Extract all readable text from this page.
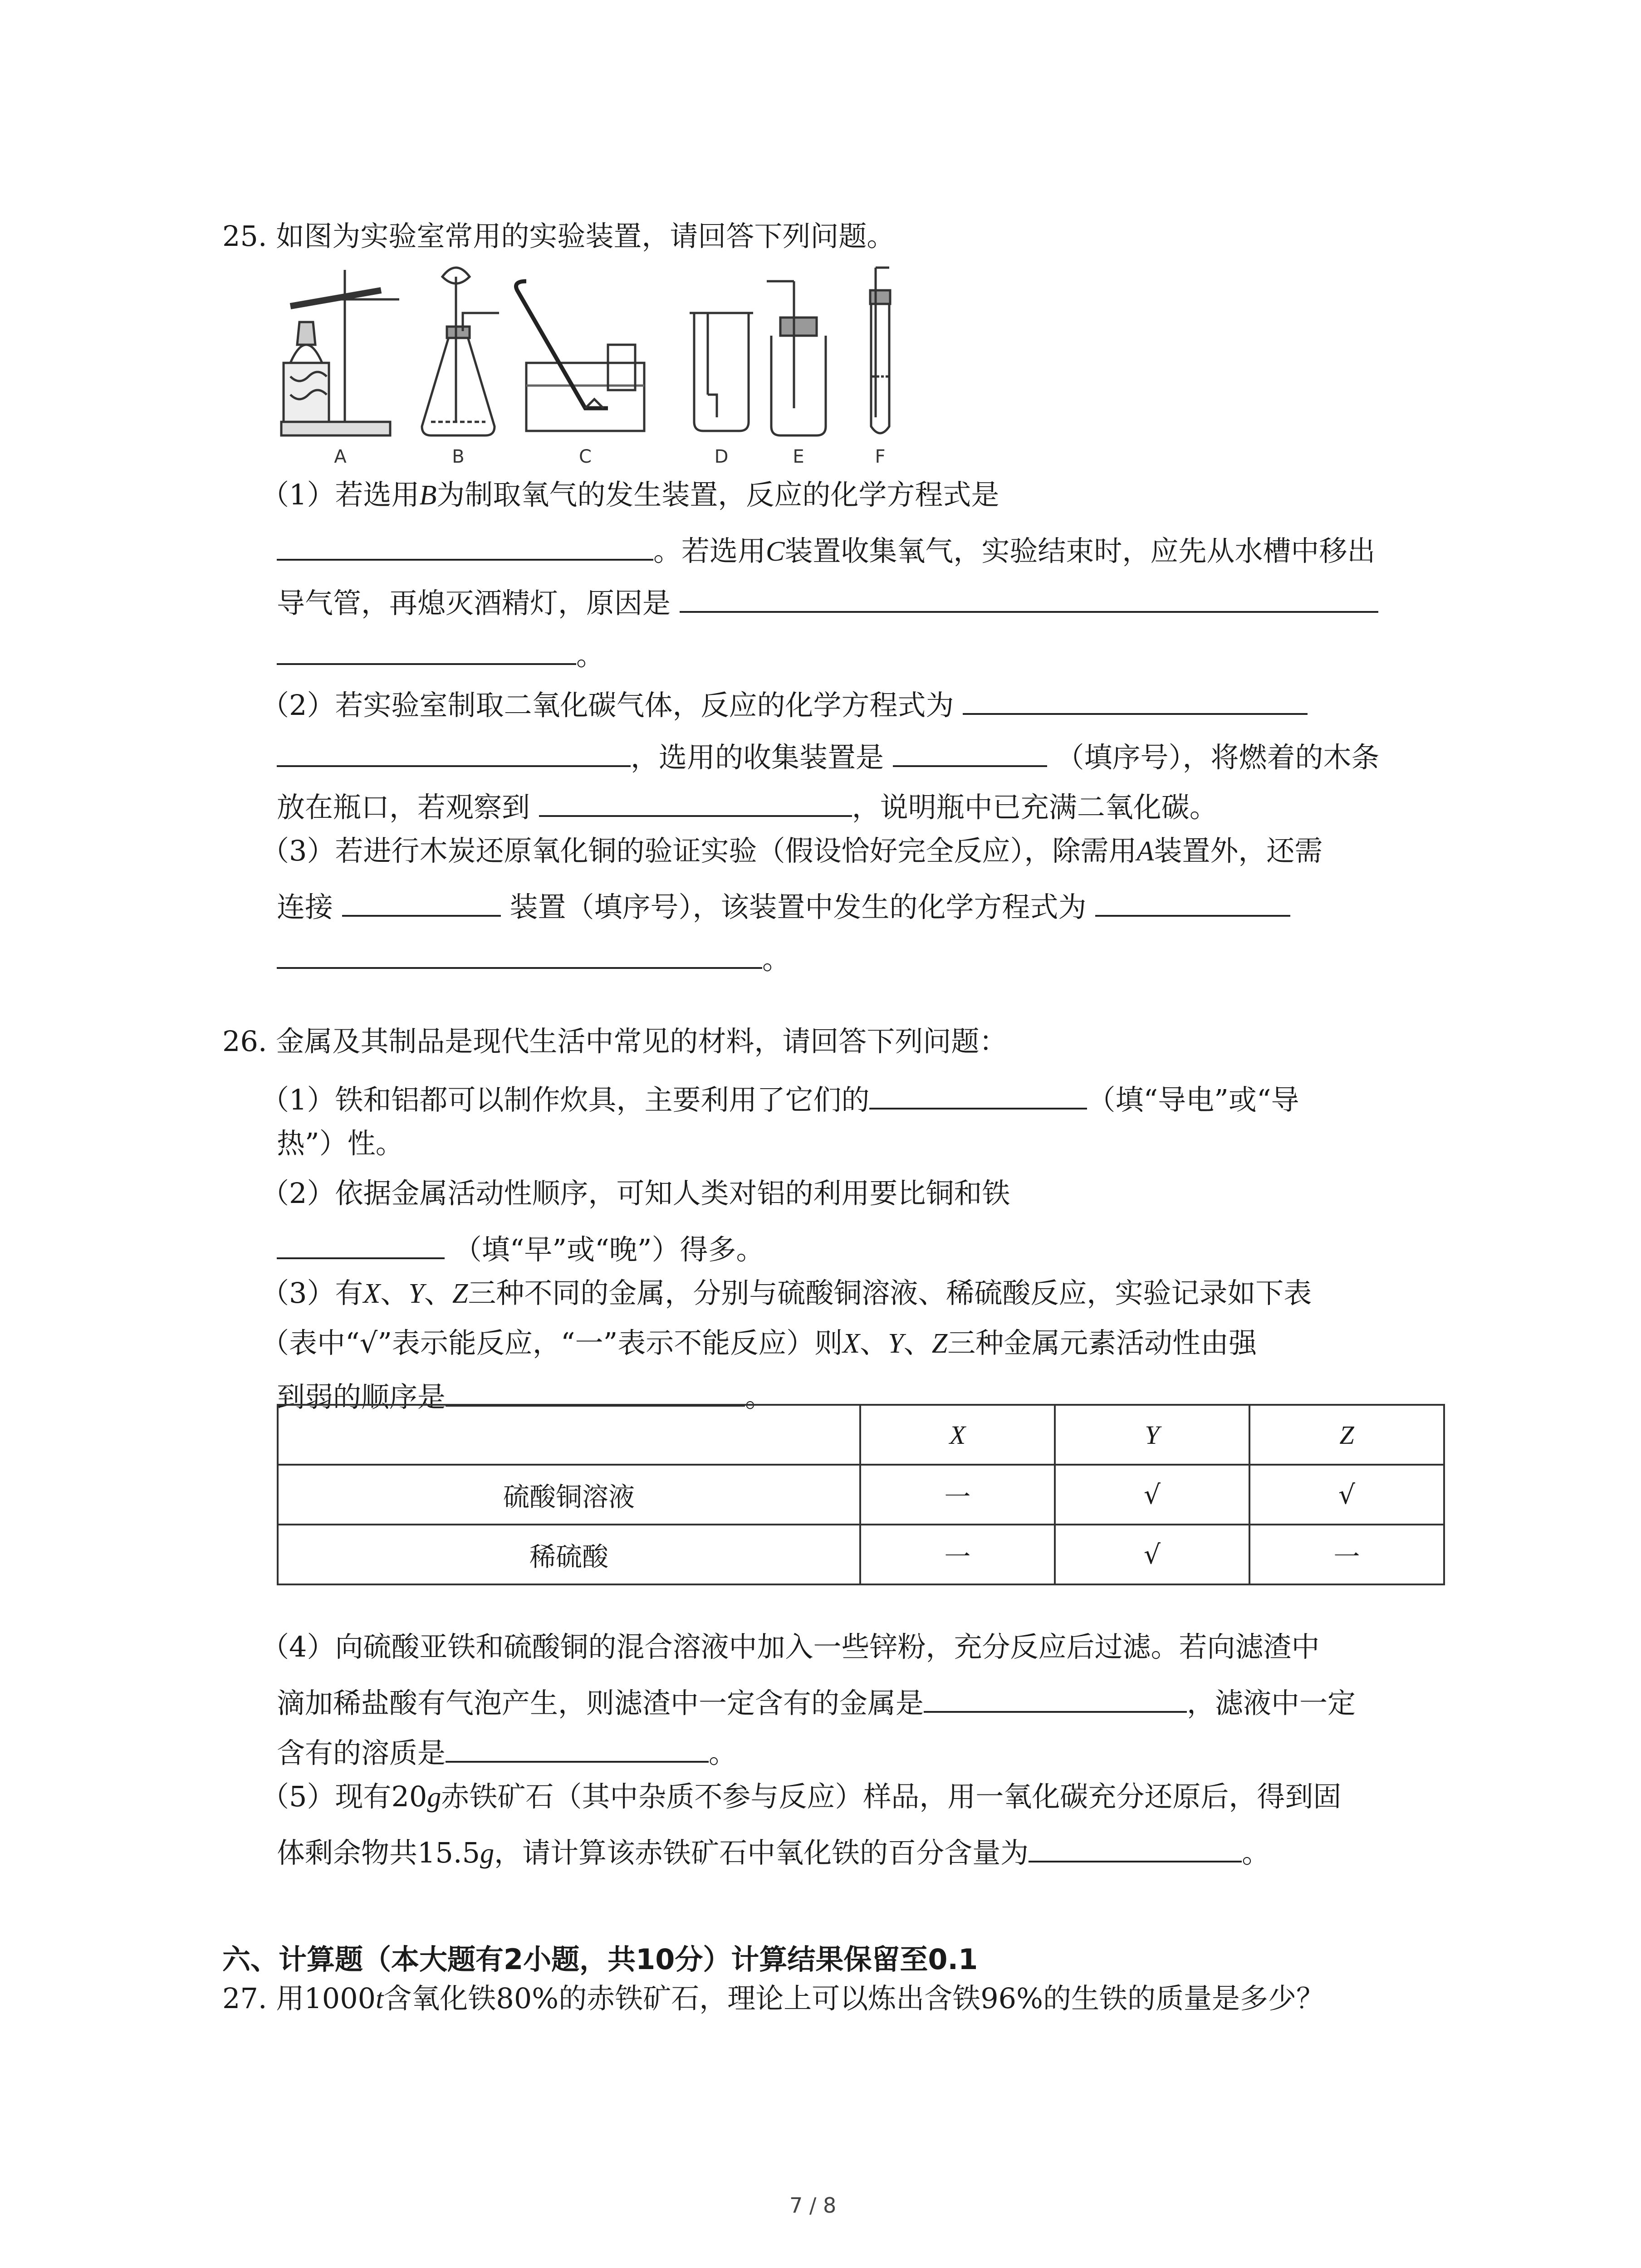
25. 如图为实验室常用的实验装置，请回答下列问题。
A	B	C	D	E	F
（1）若选用B为制取氧气的发生装置，反应的化学方程式是
。若选用C装置收集氧气，实验结束时，应先从水槽中移出
导气管，再熄灭酒精灯，原因是
。
（2）若实验室制取二氧化碳气体，反应的化学方程式为
，选用的收集装置是	（填序号），将燃着的木条
放在瓶口，若观察到	，说明瓶中已充满二氧化碳。
（3）若进行木炭还原氧化铜的验证实验（假设恰好完全反应），除需用A装置外，还需
连接	装置（填序号），该装置中发生的化学方程式为
。
26. 金属及其制品是现代生活中常见的材料，请回答下列问题：
（1）铁和铝都可以制作炊具，主要利用了它们的	（填“导电”或“导
热”）性。
（2）依据金属活动性顺序，可知人类对铝的利用要比铜和铁
（填“早”或“晚”）得多。
（3）有X、Y、Z三种不同的金属，分别与硫酸铜溶液、稀硫酸反应，实验记录如下表
（表中“√”表示能反应，“一”表示不能反应）则X、Y、Z三种金属元素活动性由强
到弱的顺序是	。
	X	Y	Z
硫酸铜溶液	一	√	√
稀硫酸	一	√	一
（4）向硫酸亚铁和硫酸铜的混合溶液中加入一些锌粉，充分反应后过滤。若向滤渣中
滴加稀盐酸有气泡产生，则滤渣中一定含有的金属是	，滤液中一定
含有的溶质是	。
（5）现有20g赤铁矿石（其中杂质不参与反应）样品，用一氧化碳充分还原后，得到固
体剩余物共15.5g，请计算该赤铁矿石中氧化铁的百分含量为	。
六、计算题（本大题有2小题，共10分）计算结果保留至0.1
27. 用1000t含氧化铁80%的赤铁矿石，理论上可以炼出含铁96%的生铁的质量是多少？
7 / 8
